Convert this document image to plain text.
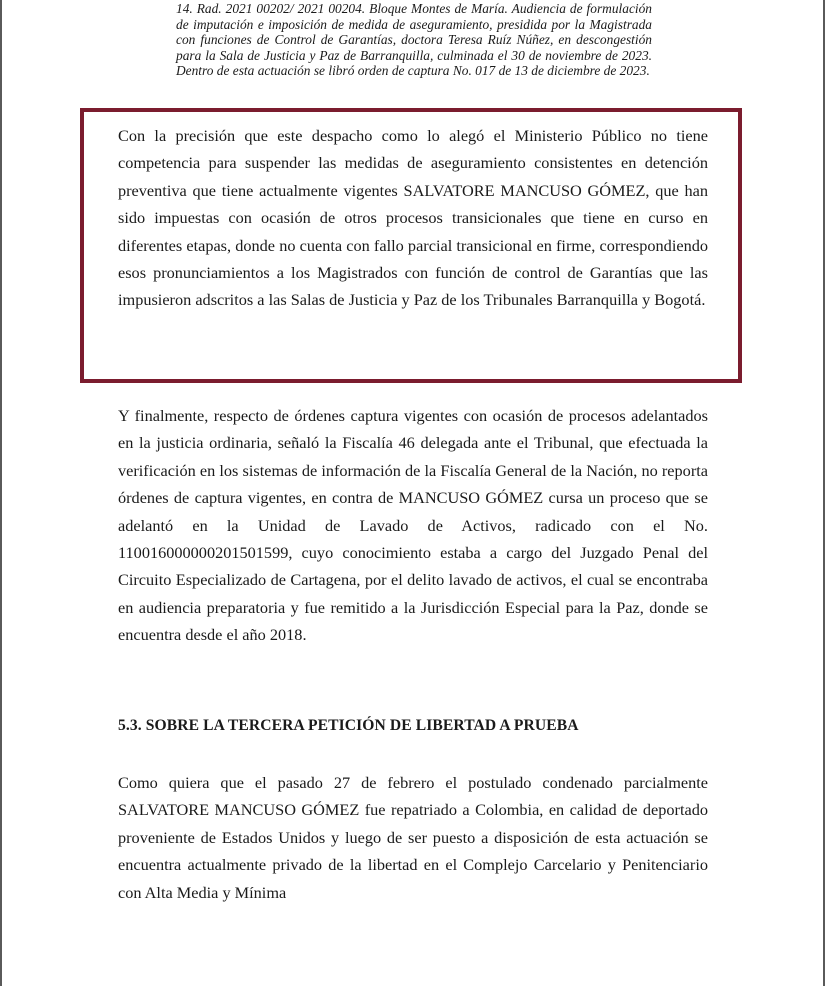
14. Rad. 2021 00202/ 2021 00204. Bloque Montes de María. Audiencia de formulación de imputación e imposición de medida de aseguramiento, presidida por la Magistrada con funciones de Control de Garantías, doctora Teresa Ruíz Núñez, en descongestión para la Sala de Justicia y Paz de Barranquilla, culminada el 30 de noviembre de 2023. Dentro de esta actuación se libró orden de captura No. 017 de 13 de diciembre de 2023.

Con la precisión que este despacho como lo alegó el Ministerio Público no tiene competencia para suspender las medidas de aseguramiento consistentes en detención preventiva que tiene actualmente vigentes SALVATORE MANCUSO GÓMEZ, que han sido impuestas con ocasión de otros procesos transicionales que tiene en curso en diferentes etapas, donde no cuenta con fallo parcial transicional en firme, correspondiendo esos pronunciamientos a los Magistrados con función de control de Garantías que las impusieron adscritos a las Salas de Justicia y Paz de los Tribunales Barranquilla y Bogotá.

Y finalmente, respecto de órdenes captura vigentes con ocasión de procesos adelantados en la justicia ordinaria, señaló la Fiscalía 46 delegada ante el Tribunal, que efectuada la verificación en los sistemas de información de la Fiscalía General de la Nación, no reporta órdenes de captura vigentes, en contra de MANCUSO GÓMEZ cursa un proceso que se adelantó en la Unidad de Lavado de Activos, radicado con el No. 110016000000201501599, cuyo conocimiento estaba a cargo del Juzgado Penal del Circuito Especializado de Cartagena, por el delito lavado de activos, el cual se encontraba en audiencia preparatoria y fue remitido a la Jurisdicción Especial para la Paz, donde se encuentra desde el año 2018.

5.3. SOBRE LA TERCERA PETICIÓN DE LIBERTAD A PRUEBA

Como quiera que el pasado 27 de febrero el postulado condenado parcialmente SALVATORE MANCUSO GÓMEZ fue repatriado a Colombia, en calidad de deportado proveniente de Estados Unidos y luego de ser puesto a disposición de esta actuación se encuentra actualmente privado de la libertad en el Complejo Carcelario y Penitenciario con Alta Media y Mínima
